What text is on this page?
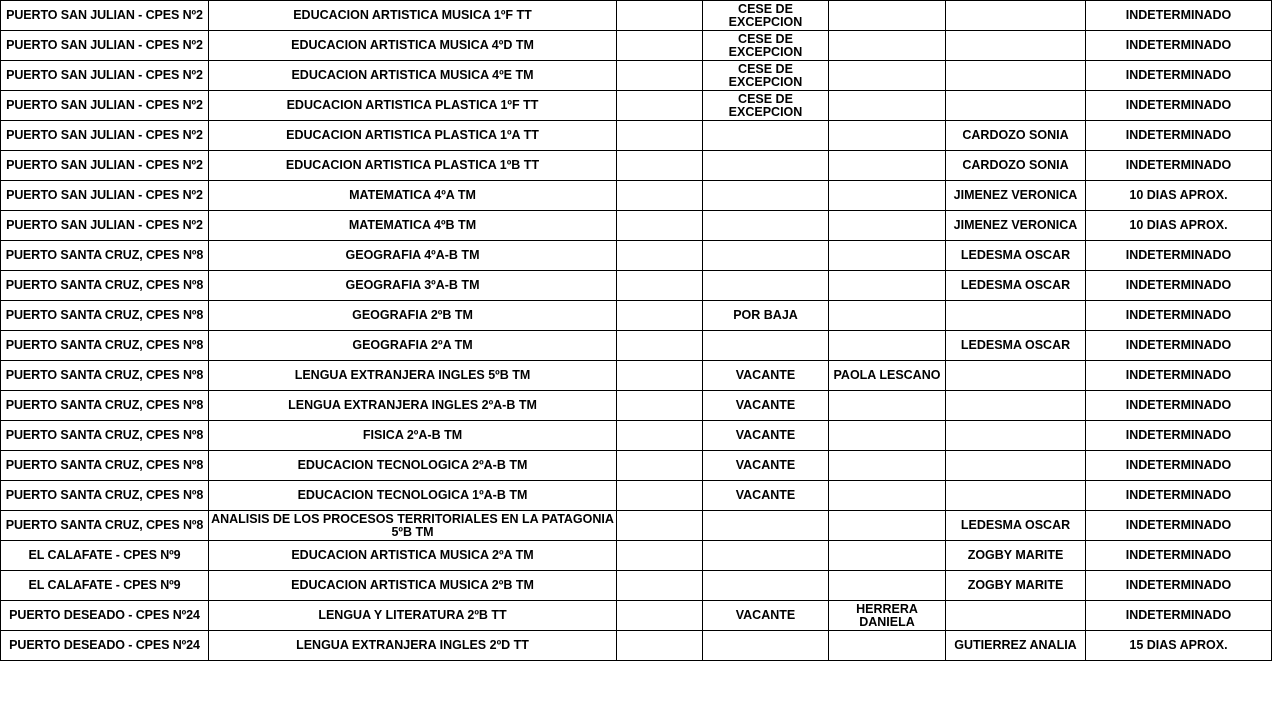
PUERTO SAN JULIAN - CPES Nº2	EDUCACION ARTISTICA MUSICA 1ºF TT		CESE DE EXCEPCION			INDETERMINADO
PUERTO SAN JULIAN - CPES Nº2	EDUCACION ARTISTICA MUSICA 4ºD TM		CESE DE EXCEPCION			INDETERMINADO
PUERTO SAN JULIAN - CPES Nº2	EDUCACION ARTISTICA MUSICA 4ºE TM		CESE DE EXCEPCION			INDETERMINADO
PUERTO SAN JULIAN - CPES Nº2	EDUCACION ARTISTICA PLASTICA 1ºF TT		CESE DE EXCEPCION			INDETERMINADO
PUERTO SAN JULIAN - CPES Nº2	EDUCACION ARTISTICA PLASTICA 1ºA TT				CARDOZO SONIA	INDETERMINADO
PUERTO SAN JULIAN - CPES Nº2	EDUCACION ARTISTICA PLASTICA 1ºB TT				CARDOZO SONIA	INDETERMINADO
PUERTO SAN JULIAN - CPES Nº2	MATEMATICA 4ºA TM				JIMENEZ VERONICA	10 DIAS APROX.
PUERTO SAN JULIAN - CPES Nº2	MATEMATICA 4ºB TM				JIMENEZ VERONICA	10 DIAS APROX.
PUERTO SANTA CRUZ, CPES Nº8	GEOGRAFIA 4ºA-B TM				LEDESMA OSCAR	INDETERMINADO
PUERTO SANTA CRUZ, CPES Nº8	GEOGRAFIA 3ºA-B TM				LEDESMA OSCAR	INDETERMINADO
PUERTO SANTA CRUZ, CPES Nº8	GEOGRAFIA 2ºB TM		POR BAJA			INDETERMINADO
PUERTO SANTA CRUZ, CPES Nº8	GEOGRAFIA 2ºA TM				LEDESMA OSCAR	INDETERMINADO
PUERTO SANTA CRUZ, CPES Nº8	LENGUA EXTRANJERA INGLES 5ºB TM		VACANTE	PAOLA LESCANO		INDETERMINADO
PUERTO SANTA CRUZ, CPES Nº8	LENGUA EXTRANJERA INGLES 2ºA-B TM		VACANTE			INDETERMINADO
PUERTO SANTA CRUZ, CPES Nº8	FISICA 2ºA-B TM		VACANTE			INDETERMINADO
PUERTO SANTA CRUZ, CPES Nº8	EDUCACION TECNOLOGICA 2ºA-B TM		VACANTE			INDETERMINADO
PUERTO SANTA CRUZ, CPES Nº8	EDUCACION TECNOLOGICA 1ºA-B TM		VACANTE			INDETERMINADO
PUERTO SANTA CRUZ, CPES Nº8	ANALISIS DE LOS PROCESOS TERRITORIALES EN LA PATAGONIA 5ºB TM				LEDESMA OSCAR	INDETERMINADO
EL CALAFATE - CPES Nº9	EDUCACION ARTISTICA MUSICA 2ºA TM				ZOGBY MARITE	INDETERMINADO
EL CALAFATE - CPES Nº9	EDUCACION ARTISTICA MUSICA 2ºB TM				ZOGBY MARITE	INDETERMINADO
PUERTO DESEADO - CPES Nº24	LENGUA Y LITERATURA 2ºB TT		VACANTE	HERRERA DANIELA		INDETERMINADO
PUERTO DESEADO - CPES Nº24	LENGUA EXTRANJERA INGLES 2ºD TT				GUTIERREZ ANALIA	15 DIAS APROX.
